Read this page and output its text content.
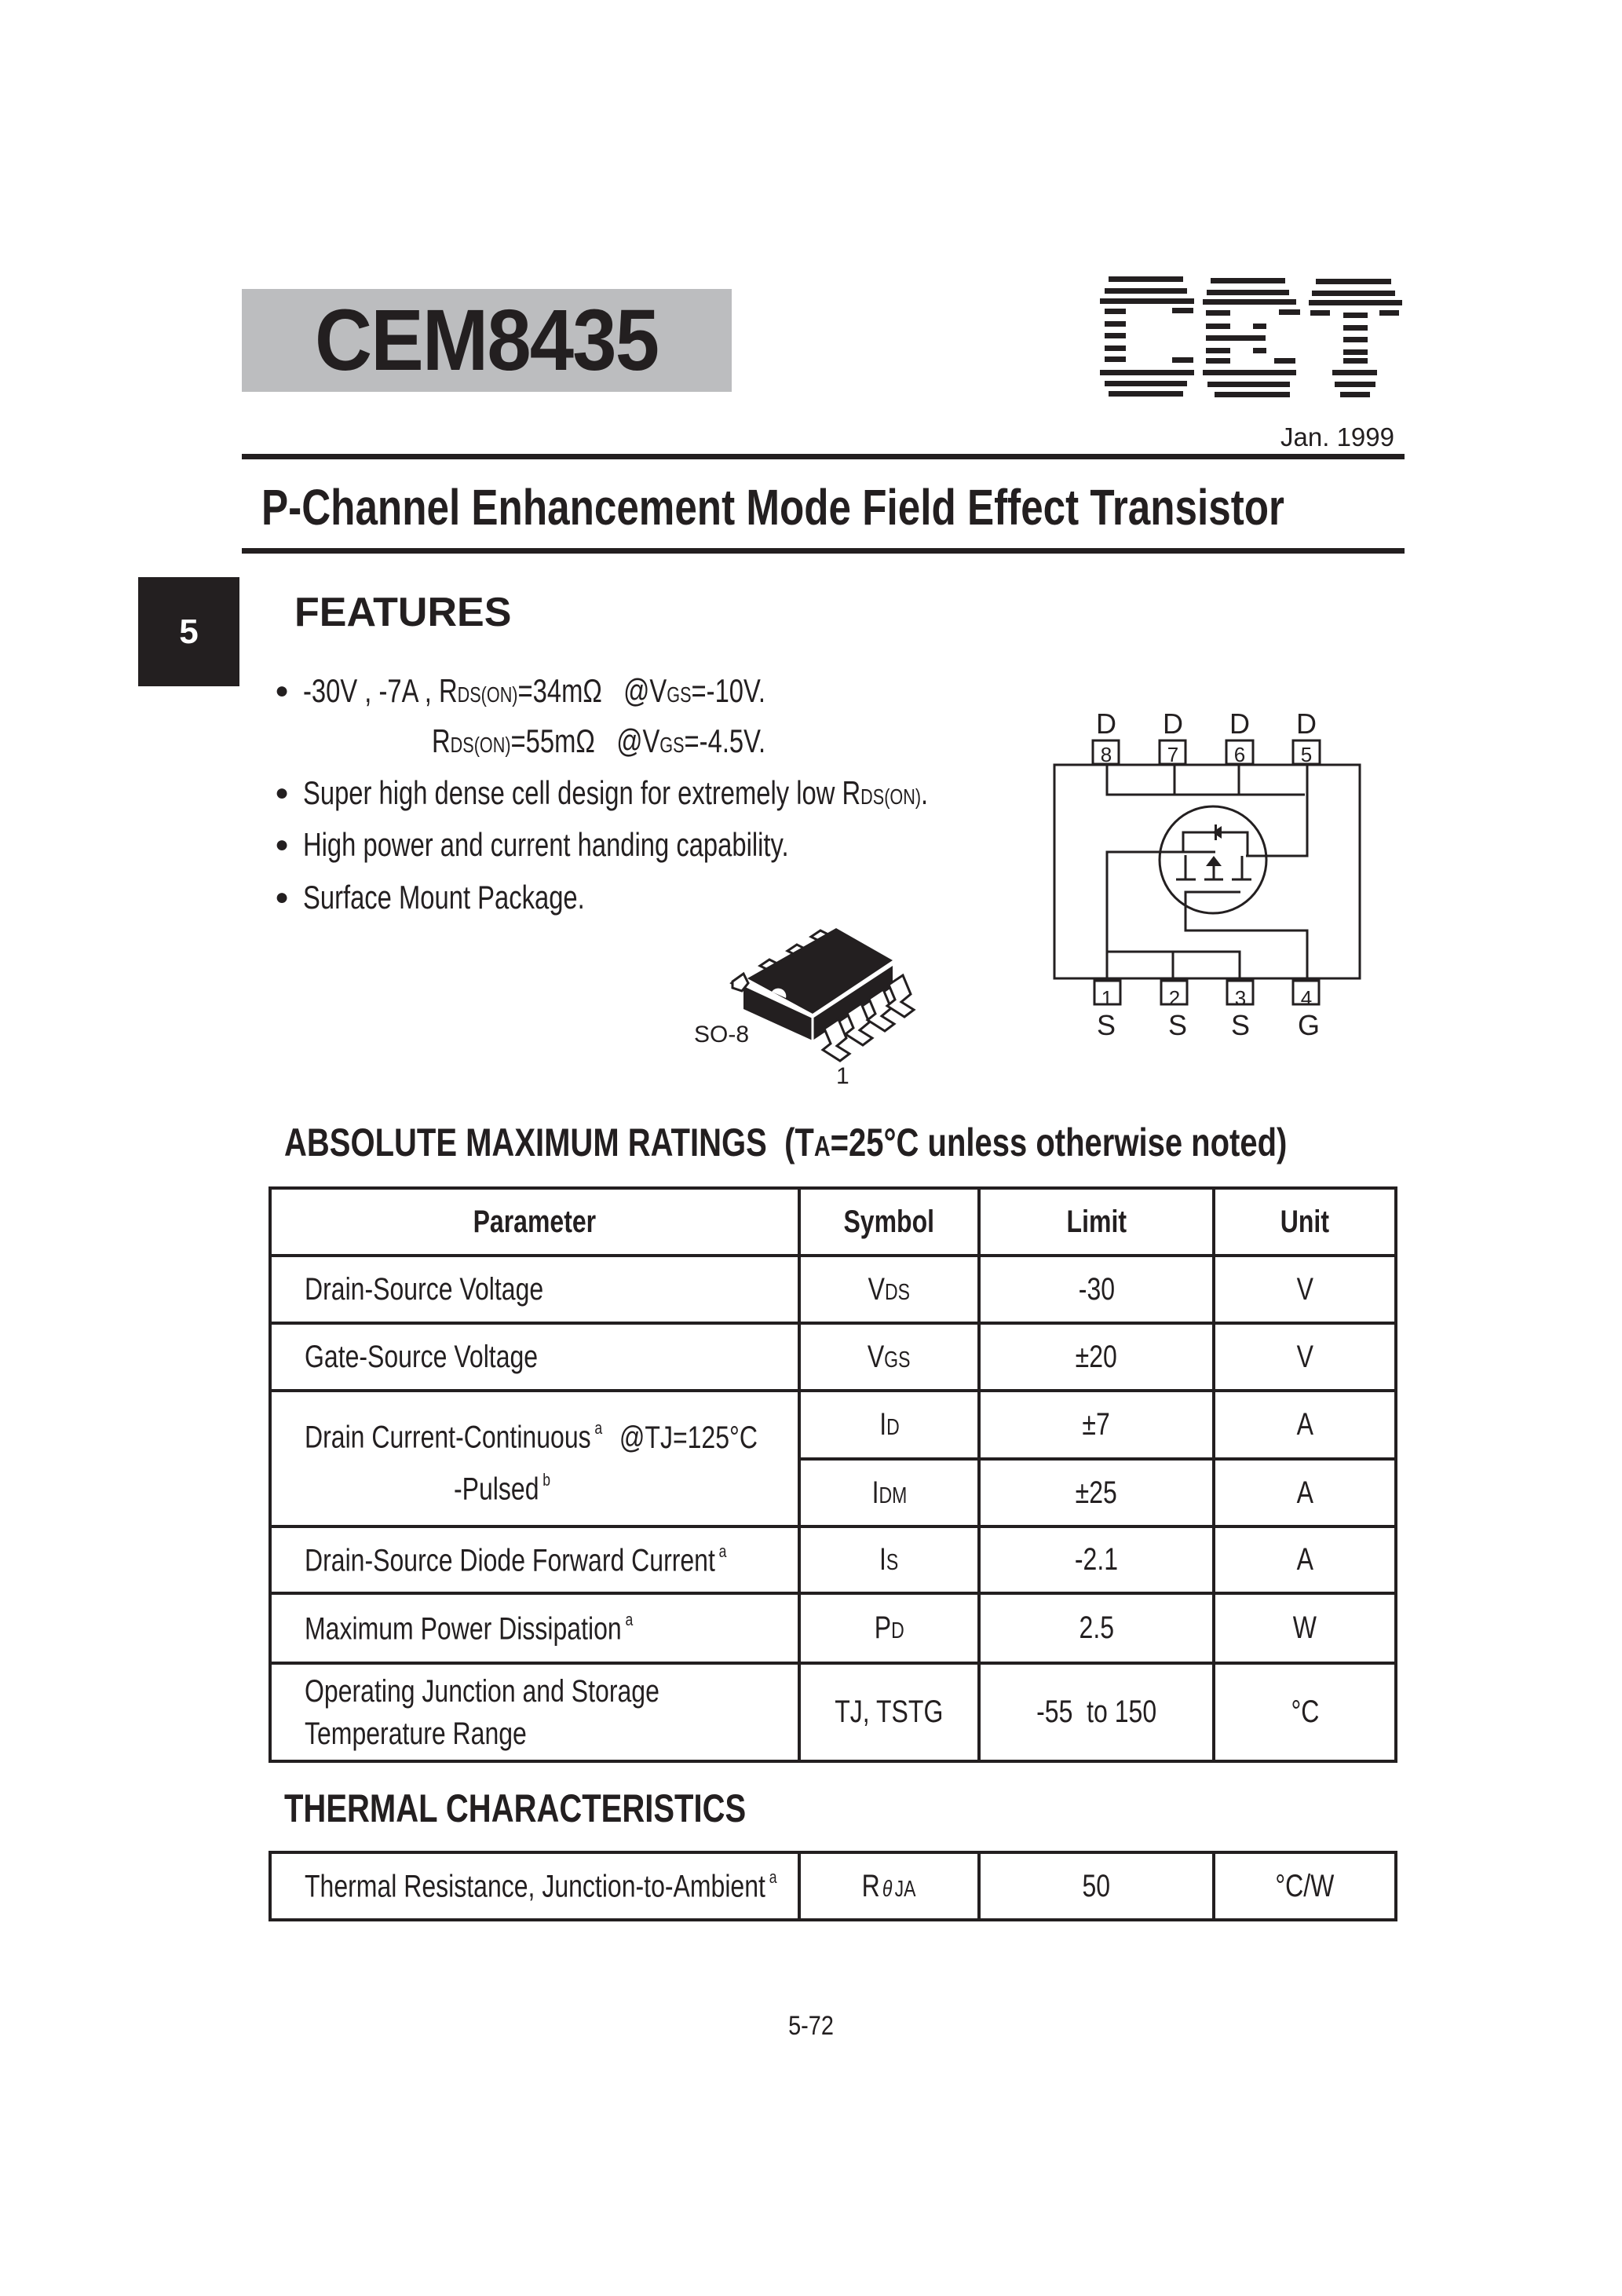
CEM8435
Jan. 1999
P-Channel Enhancement Mode Field Effect Transistor
5	FEATURES
● -30V , -7A , RDS(ON)=34mΩ   @VGS=-10V.
RDS(ON)=55mΩ   @VGS=-4.5V.
● Super high dense cell design for extremely low RDS(ON).
● High power and current handing capability.
● Surface Mount Package.
SO-8
1
D D D D
8	7	6	5
1	2	3	4
S S S G
ABSOLUTE MAXIMUM RATINGS (TA=25°C unless otherwise noted)
Parameter	Symbol	Limit	Unit
Drain-Source Voltage	VDS	-30	V
Gate-Source Voltage	VGS	±20	V
Drain Current-Continuous $^a$ @TJ=125°C
-Pulsed $^b$	ID	±7	A
	IDM	±25	A
Drain-Source Diode Forward Current $^a$	IS	-2.1	A
Maximum Power Dissipation $^a$	PD	2.5	W
Operating Junction and Storage
Temperature Range	TJ, TSTG	-55  to 150	°C
THERMAL CHARACTERISTICS
Thermal Resistance, Junction-to-Ambient $^a$	R θ JA	50	°C/W
5-72
